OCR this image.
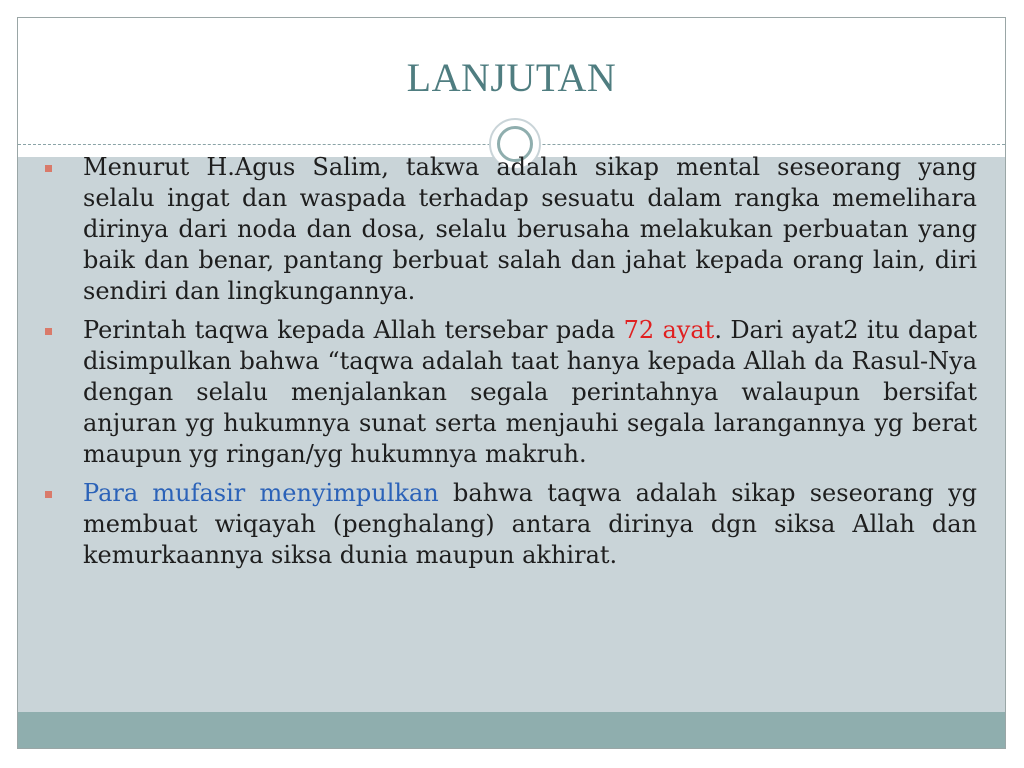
LANJUTAN
Menurut H.Agus Salim, takwa adalah sikap mental seseorang yang selalu ingat dan waspada terhadap sesuatu dalam rangka memelihara dirinya dari noda dan dosa, selalu berusaha melakukan perbuatan yang baik dan benar, pantang berbuat salah dan jahat kepada orang lain, diri sendiri dan lingkungannya.
Perintah taqwa kepada Allah tersebar pada 72 ayat. Dari ayat2 itu dapat disimpulkan bahwa “taqwa adalah taat hanya kepada Allah da Rasul-Nya dengan selalu menjalankan segala perintahnya walaupun bersifat anjuran yg hukumnya sunat serta menjauhi segala larangannya yg berat maupun yg ringan/yg hukumnya makruh.
Para mufasir menyimpulkan bahwa taqwa adalah sikap seseorang yg membuat wiqayah (penghalang) antara dirinya dgn siksa Allah dan kemurkaannya siksa dunia maupun akhirat.
